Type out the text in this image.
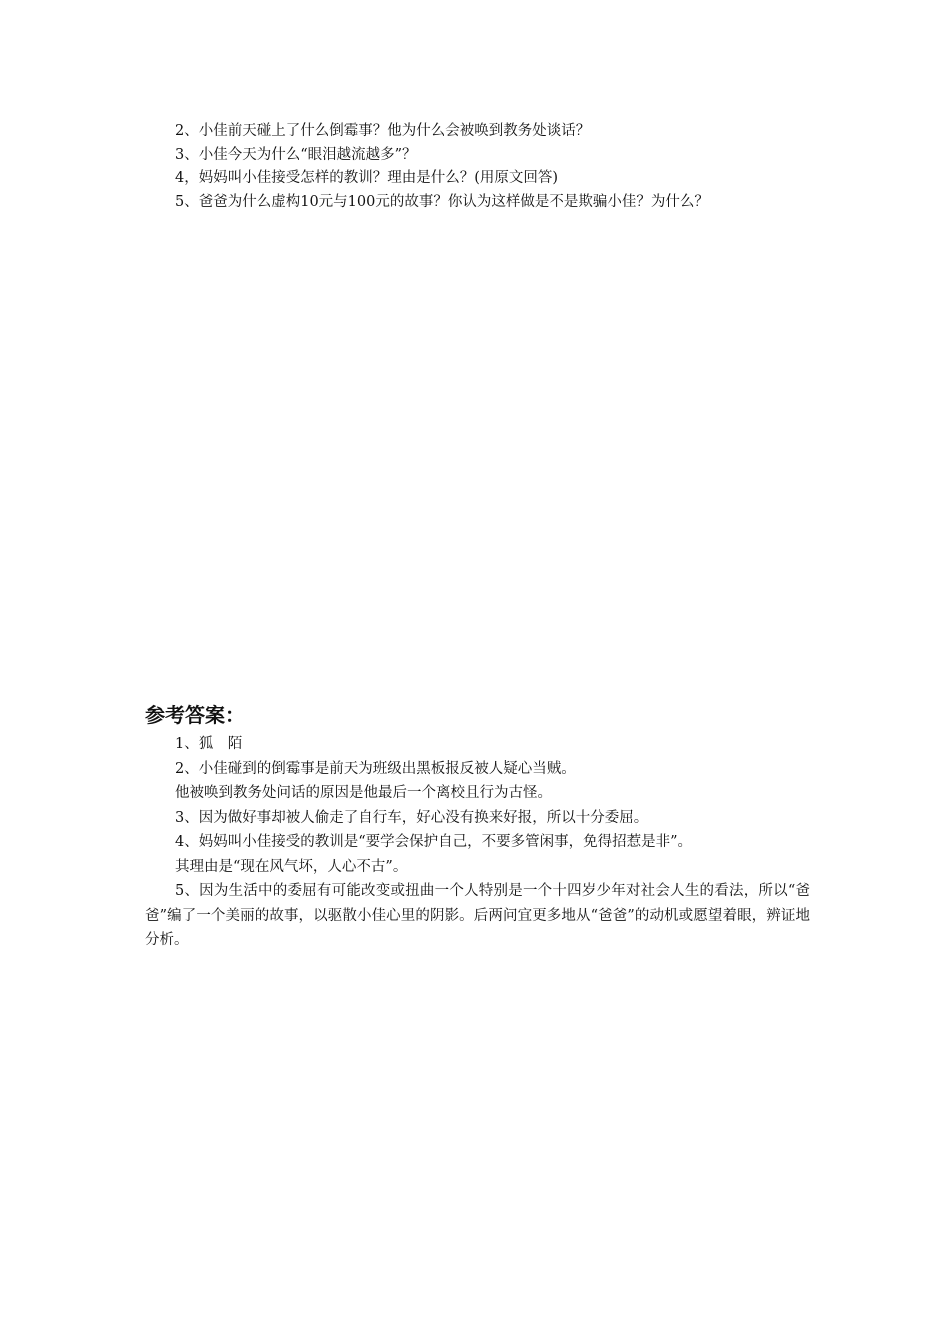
2、小佳前天碰上了什么倒霉事？他为什么会被唤到教务处谈话？
3、小佳今天为什么“眼泪越流越多”？
4，妈妈叫小佳接受怎样的教训？理由是什么？(用原文回答)
5、爸爸为什么虚构10元与100元的故事？你认为这样做是不是欺骗小佳？为什么？
参考答案：
1、狐　陌
2、小佳碰到的倒霉事是前天为班级出黑板报反被人疑心当贼。
他被唤到教务处问话的原因是他最后一个离校且行为古怪。
3、因为做好事却被人偷走了自行车，好心没有换来好报，所以十分委屈。
4、妈妈叫小佳接受的教训是“要学会保护自己，不要多管闲事，免得招惹是非”。
其理由是“现在风气坏，人心不古”。
5、因为生活中的委屈有可能改变或扭曲一个人特别是一个十四岁少年对社会人生的看法，所以“爸爸”编了一个美丽的故事，以驱散小佳心里的阴影。后两问宜更多地从“爸爸”的动机或愿望着眼，辨证地分析。
